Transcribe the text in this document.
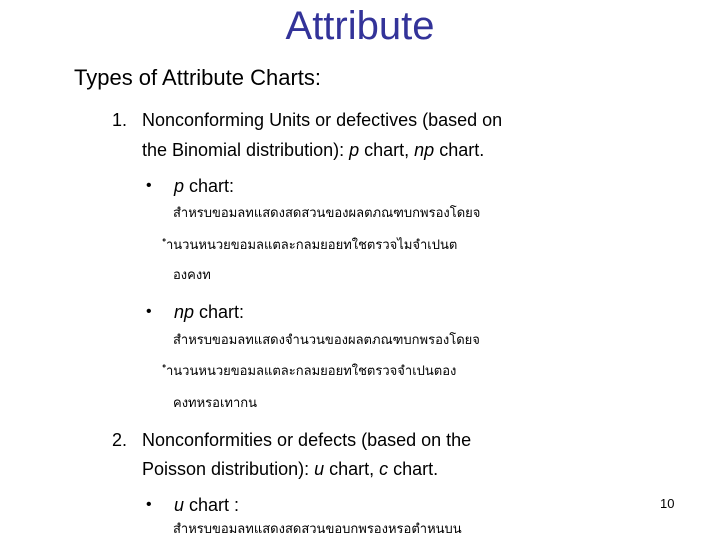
Attribute

Types of Attribute Charts:

1. Nonconforming Units or defectives (based on
the Binomial distribution): p chart, np chart.
• p chart:

สำหรบขอมลทแสดงสดสวนของผลตภณฑบกพรองโดยจ

ำนวนหนวยขอมลแตละกลมยอยทใชตรวจไมจำเปนต

องคงท

• np chart:

สำหรบขอมลทแสดงจำนวนของผลตภณฑบกพรองโดยจ

ำนวนหนวยขอมลแตละกลมยอยทใชตรวจจำเปนตอง

คงทหรอเทากน

2. Nonconformities or defects (based on the
Poisson distribution): u chart, c chart.
• u chart :

สำหรบขอมลทแสดงสดสวนขอบกพรองหรอตำหนบน

10
